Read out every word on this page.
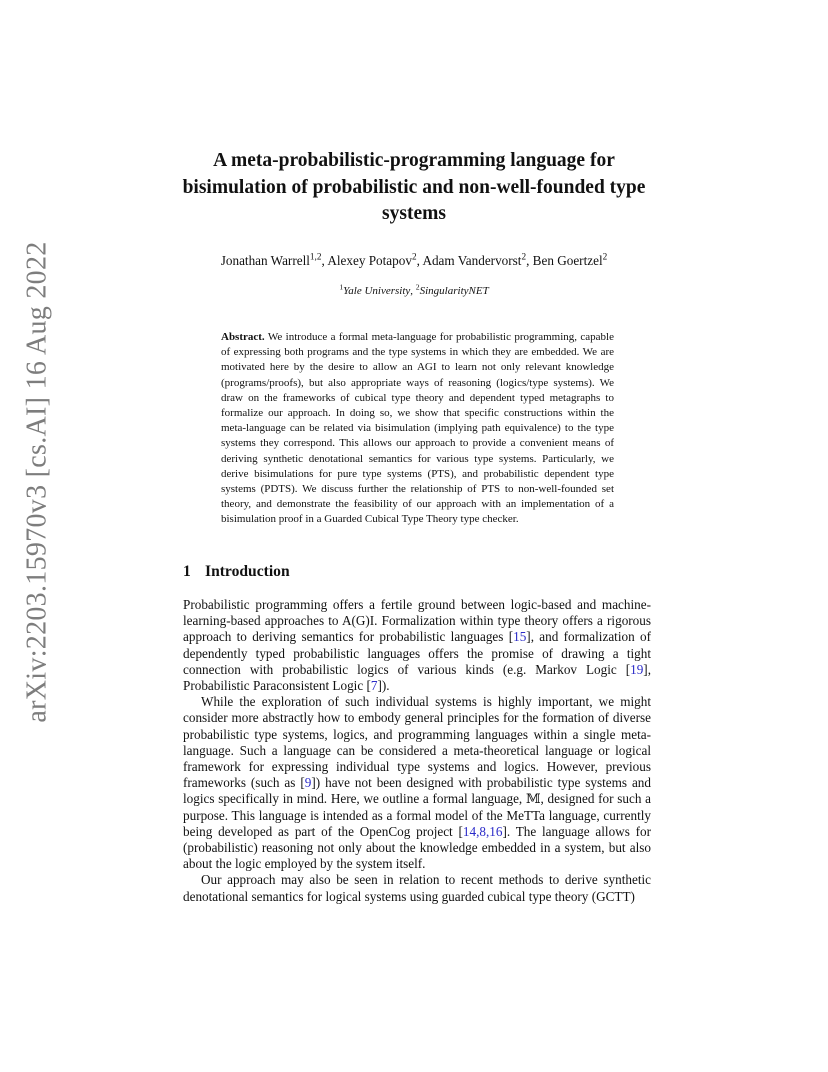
arXiv:2203.15970v3 [cs.AI] 16 Aug 2022
A meta-probabilistic-programming language for
bisimulation of probabilistic and non-well-founded type
systems
Jonathan Warrell$^{1,2}$, Alexey Potapov$^2$, Adam Vandervorst$^2$, Ben Goertzel$^2$
$^1$Yale University, $^2$SingularityNET

Abstract. We introduce a formal meta-language for probabilistic programming, capable of expressing both programs and the type systems in which they are embedded. We are motivated here by the desire to allow an AGI to learn not only relevant knowledge (programs/proofs), but also appropriate ways of reasoning (logics/type systems). We draw on the frameworks of cubical type theory and dependent typed metagraphs to formalize our approach. In doing so, we show that specific constructions within the meta-language can be related via bisimulation (implying path equivalence) to the type systems they correspond. This allows our approach to provide a convenient means of deriving synthetic denotational semantics for various type systems. Particularly, we derive bisimulations for pure type systems (PTS), and probabilistic dependent type systems (PDTS). We discuss further the relationship of PTS to non-well-founded set theory, and demonstrate the feasibility of our approach with an implementation of a bisimulation proof in a Guarded Cubical Type Theory type checker.

1 Introduction

Probabilistic programming offers a fertile ground between logic-based and machine-learning-based approaches to A(G)I. Formalization within type theory offers a rigorous approach to deriving semantics for probabilistic languages [ 15 ] , and formalization of dependently typed probabilistic languages offers the promise of drawing a tight connection with probabilistic logics of various kinds (e.g. Markov Logic [ 19 ] , Probabilistic Paraconsistent Logic [ 7 ] ).

While the exploration of such individual systems is highly important, we might consider more abstractly how to embody general principles for the formation of diverse probabilistic type systems, logics, and programming languages within a single meta-language. Such a language can be considered a meta-theoretical language or logical framework for expressing individual type systems and logics. However, previous frameworks (such as [ 9 ] ) have not been designed with probabilistic type systems and logics specifically in mind. Here, we outline a formal language, 𝕄, designed for such a purpose. This language is intended as a formal model of the MeTTa language, currently being developed as part of the OpenCog project [ 14,8,16 ] . The language allows for (probabilistic) reasoning not only about the knowledge embedded in a system, but also about the logic employed by the system itself.

Our approach may also be seen in relation to recent methods to derive synthetic denotational semantics for logical systems using guarded cubical type theory (GCTT)
